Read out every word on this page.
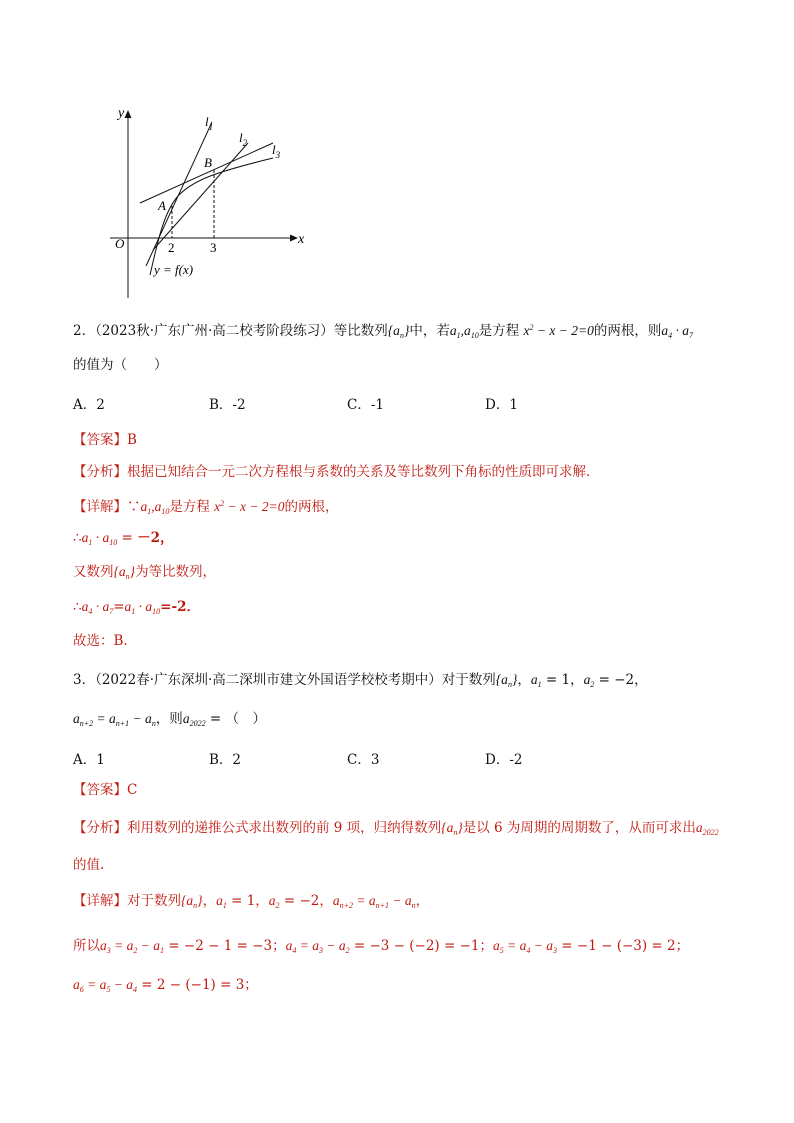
y
x
O
$l_1$
$l_2$ $l_3$
A
B
2	3
y = f(x)
2．（2023秋·广东广州·高二校考阶段练习）等比数列$\{a_n\}$中，若$a_1,a_{10}$是方程 $x^2 - x - 2=0$的两根，则$a_4 \cdot a_7$
的值为（　　）
A．2	B．-2	C．-1	D．1
【答案】B
【分析】根据已知结合一元二次方程根与系数的关系及等比数列下角标的性质即可求解．
【详解】$\because a_1,a_{10}$是方程 $x^2 - x - 2=0$的两根，
$\therefore a_1 \cdot a_{10} = -2$，
又数列$\{a_n\}$为等比数列，
$\therefore a_4 \cdot a_7=a_1 \cdot a_{10}=-2$．
故选：B.
3．（2022春·广东深圳·高二深圳市建文外国语学校校考期中）对于数列$\{a_n\}$，$a_1 = 1$，$a_2 = -2$，
$a_{n+2} = a_{n+1} - a_n$，则$a_{2022}$ = （　）
A．1	B．2	C．3	D．-2
【答案】C
【分析】利用数列的递推公式求出数列的前 9 项，归纳得数列$\{a_n\}$是以 6 为周期的周期数了，从而可求出$a_{2022}$
的值.
【详解】对于数列$\{a_n\}$，$a_1 = 1$，$a_2 = -2$，$a_{n+2} = a_{n+1} - a_n$，
所以$a_3 = a_2 - a_1 = -2 - 1 = -3$；$a_4 = a_3 - a_2 = -3 - (-2) = -1$；$a_5 = a_4 - a_3 = -1 - (-3) = 2$；
$a_6 = a_5 - a_4 = 2 - (-1) = 3$；
